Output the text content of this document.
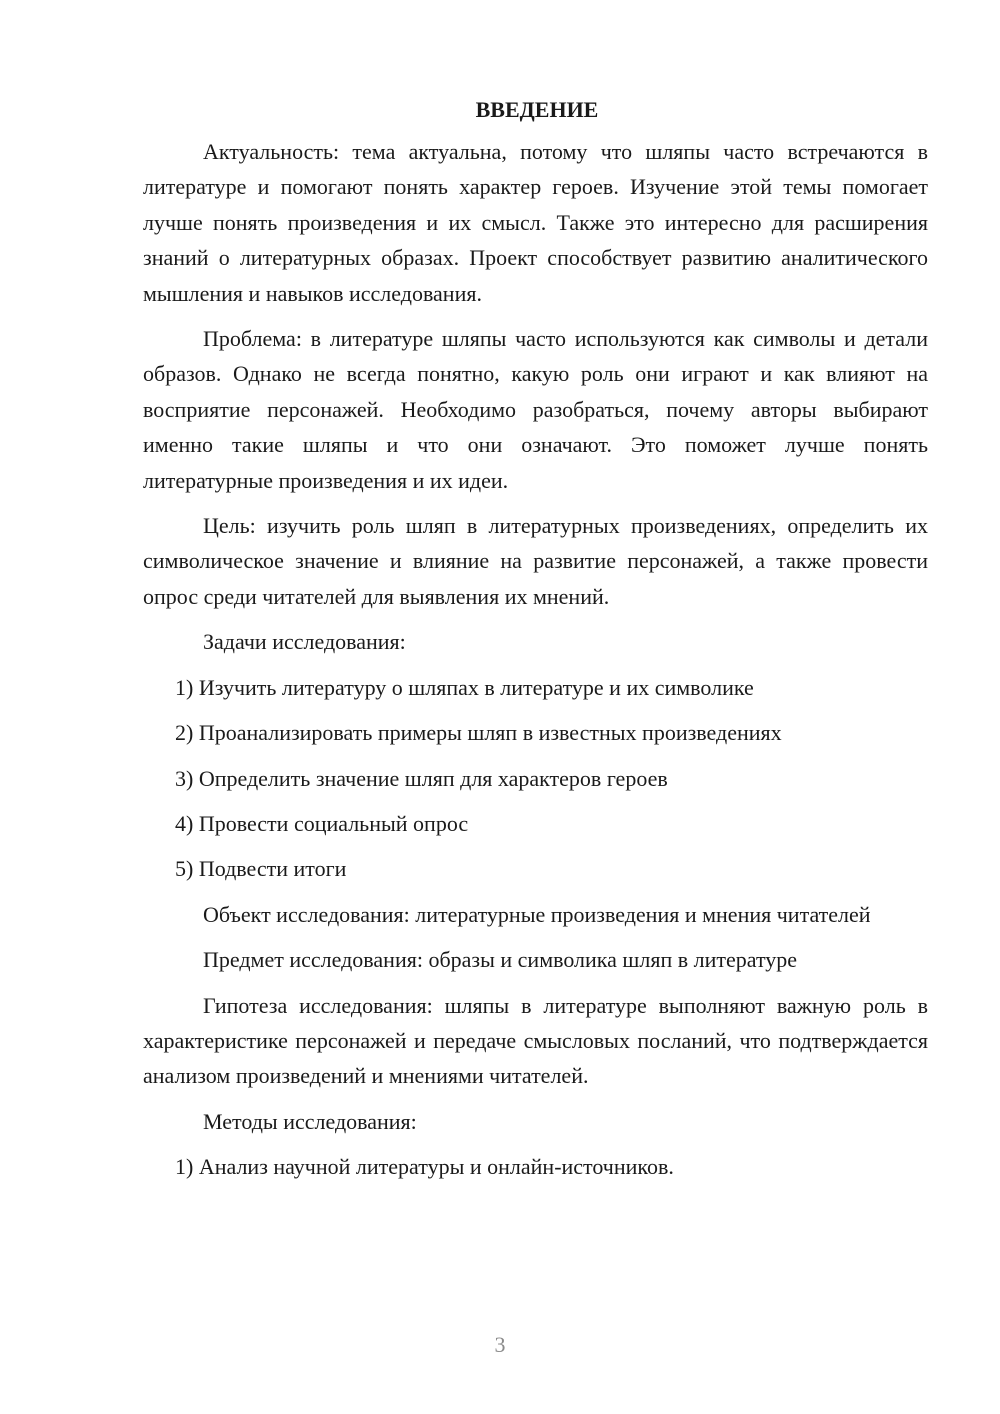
ВВЕДЕНИЕ

Актуальность: тема актуальна, потому что шляпы часто встречаются в литературе и помогают понять характер героев. Изучение этой темы помогает лучше понять произведения и их смысл. Также это интересно для расширения знаний о литературных образах. Проект способствует развитию аналитического мышления и навыков исследования.

Проблема: в литературе шляпы часто используются как символы и детали образов. Однако не всегда понятно, какую роль они играют и как влияют на восприятие персонажей. Необходимо разобраться, почему авторы выбирают именно такие шляпы и что они означают. Это поможет лучше понять литературные произведения и их идеи.

Цель: изучить роль шляп в литературных произведениях, определить их символическое значение и влияние на развитие персонажей, а также провести опрос среди читателей для выявления их мнений.

Задачи исследования:

1) Изучить литературу о шляпах в литературе и их символике
2) Проанализировать примеры шляп в известных произведениях
3) Определить значение шляп для характеров героев
4) Провести социальный опрос
5) Подвести итоги

Объект исследования: литературные произведения и мнения читателей

Предмет исследования: образы и символика шляп в литературе

Гипотеза исследования: шляпы в литературе выполняют важную роль в характеристике персонажей и передаче смысловых посланий, что подтверждается анализом произведений и мнениями читателей.

Методы исследования:

1) Анализ научной литературы и онлайн-источников.
3
